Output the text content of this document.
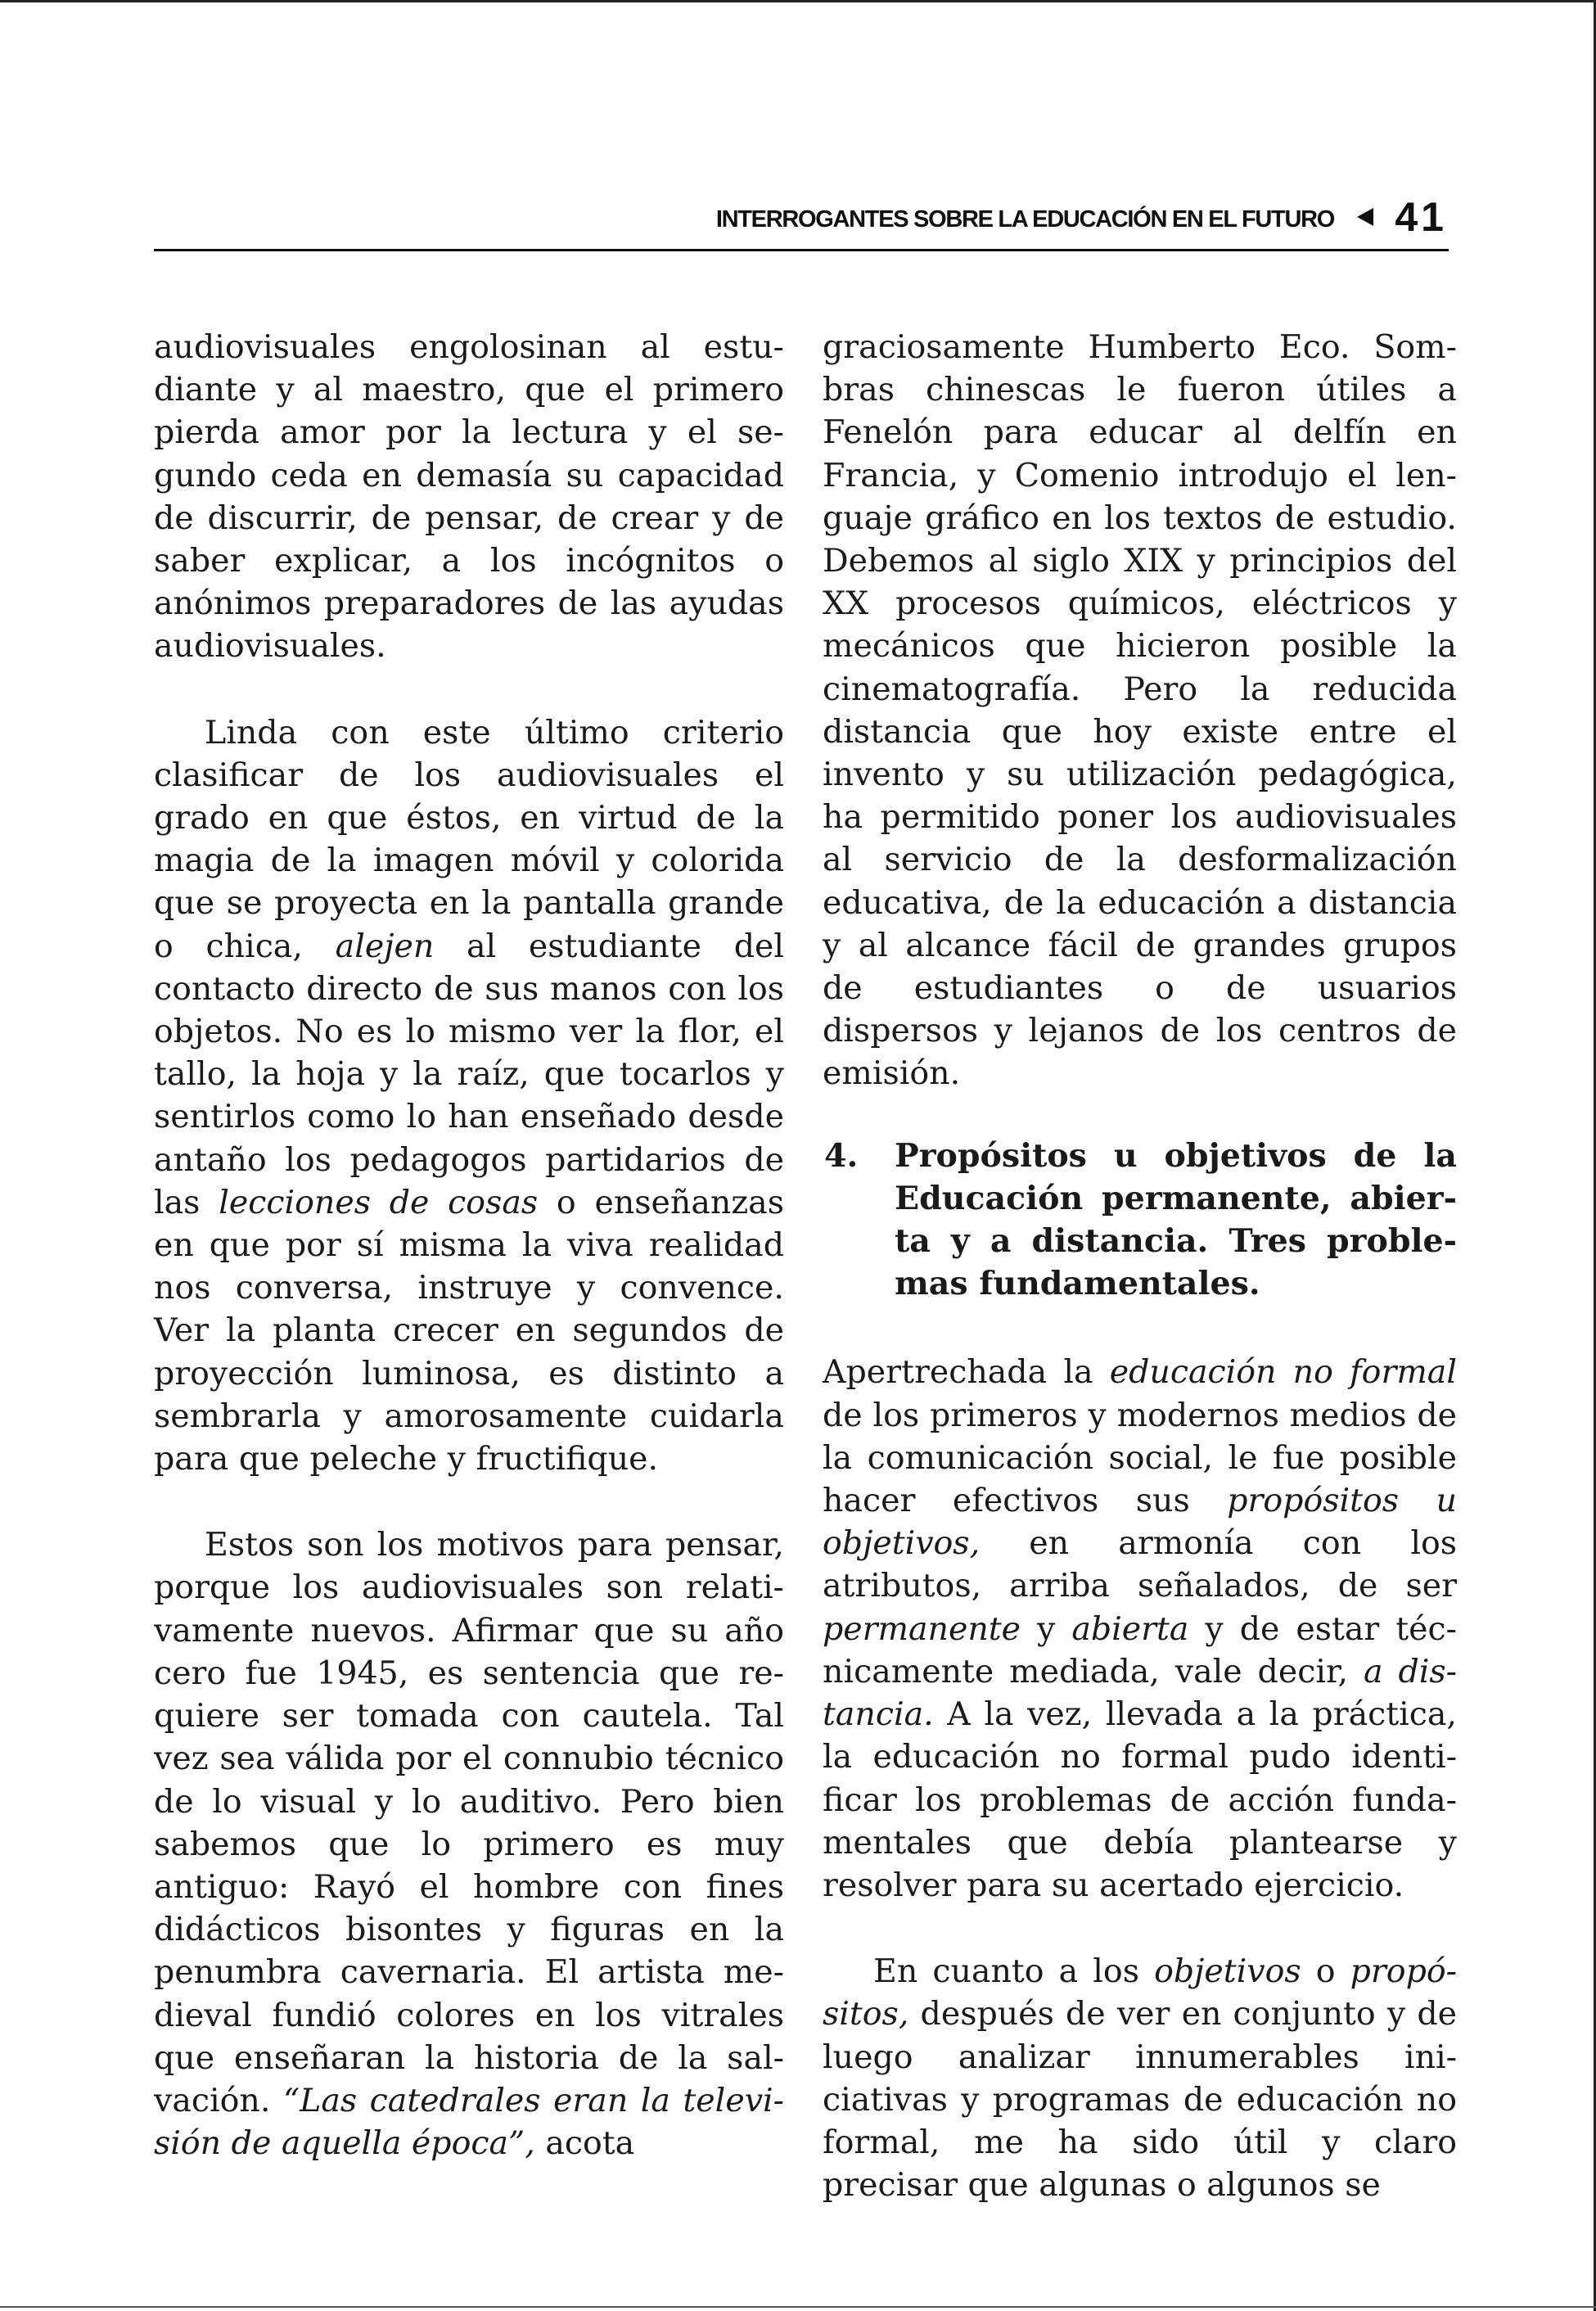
INTERROGANTES SOBRE LA EDUCACIÓN EN EL FUTURO 41

audiovisuales engolosinan al estudiante y al maestro, que el primero pierda amor por la lectura y el segundo ceda en demasía su capacidad de discurrir, de pensar, de crear y de saber explicar, a los incógnitos o anónimos preparadores de las ayudas audiovisuales.

Linda con este último criterio clasificar de los audiovisuales el grado en que éstos, en virtud de la magia de la imagen móvil y colorida que se proyecta en la pantalla grande o chica, alejen al estudiante del contacto directo de sus manos con los objetos. No es lo mismo ver la flor, el tallo, la hoja y la raíz, que tocarlos y sentirlos como lo han enseñado desde antaño los pedagogos partidarios de las lecciones de cosas o enseñanzas en que por sí misma la viva realidad nos conversa, instruye y convence. Ver la planta crecer en segundos de proyección luminosa, es distinto a sembrarla y amorosamente cuidarla para que peleche y fructifique.

Estos son los motivos para pensar, porque los audiovisuales son relativamente nuevos. Afirmar que su año cero fue 1945, es sentencia que requiere ser tomada con cautela. Tal vez sea válida por el connubio técnico de lo visual y lo auditivo. Pero bien sabemos que lo primero es muy antiguo: Rayó el hombre con fines didácticos bisontes y figuras en la penumbra cavernaria. El artista medieval fundió colores en los vitrales que enseñaran la historia de la salvación. “Las catedrales eran la televisión de aquella época”, acota

graciosamente Humberto Eco. Sombras chinescas le fueron útiles a Fenelón para educar al delfín en Francia, y Comenio introdujo el lenguaje gráfico en los textos de estudio. Debemos al siglo XIX y principios del XX procesos químicos, eléctricos y mecánicos que hicieron posible la cinematografía. Pero la reducida distancia que hoy existe entre el invento y su utilización pedagógica, ha permitido poner los audiovisuales al servicio de la desformalización educativa, de la educación a distancia y al alcance fácil de grandes grupos de estudiantes o de usuarios dispersos y lejanos de los centros de emisión.

4. Propósitos u objetivos de la Educación permanente, abierta y a distancia. Tres problemas fundamentales.

Apertrechada la educación no formal de los primeros y modernos medios de la comunicación social, le fue posible hacer efectivos sus propósitos u objetivos, en armonía con los atributos, arriba señalados, de ser permanente y abierta y de estar técnicamente mediada, vale decir, a distancia. A la vez, llevada a la práctica, la educación no formal pudo identificar los problemas de acción fundamentales que debía plantearse y resolver para su acertado ejercicio.

En cuanto a los objetivos o propósitos, después de ver en conjunto y de luego analizar innumerables iniciativas y programas de educación no formal, me ha sido útil y claro precisar que algunas o algunos se
